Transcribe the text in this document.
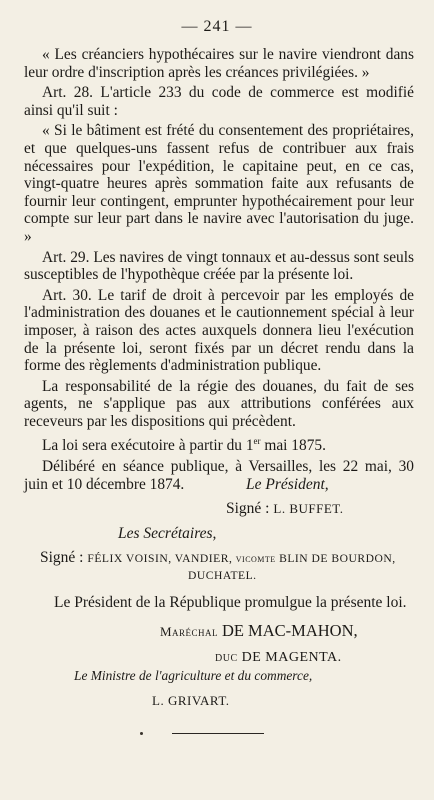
— 241 —

« Les créanciers hypothécaires sur le navire viendront dans leur ordre d'inscription après les créances privilégiées. »

Art. 28. L'article 233 du code de commerce est modifié ainsi qu'il suit :

« Si le bâtiment est frété du consentement des propriétaires, et que quelques-uns fassent refus de contribuer aux frais nécessaires pour l'expédition, le capitaine peut, en ce cas, vingt-quatre heures après sommation faite aux refusants de fournir leur contingent, emprunter hypothécairement pour leur compte sur leur part dans le navire avec l'autorisation du juge. »

Art. 29. Les navires de vingt tonnaux et au-dessus sont seuls susceptibles de l'hypothèque créée par la présente loi.

Art. 30. Le tarif de droit à percevoir par les employés de l'administration des douanes et le cautionnement spécial à leur imposer, à raison des actes auxquels donnera lieu l'exécution de la présente loi, seront fixés par un décret rendu dans la forme des règlements d'administration publique.

La responsabilité de la régie des douanes, du fait de ses agents, ne s'applique pas aux attributions conférées aux receveurs par les dispositions qui précèdent.

La loi sera exécutoire à partir du 1er mai 1875.

Délibéré en séance publique, à Versailles, les 22 mai, 30 juin et 10 décembre 1874.	Le Président,
Signé : L. BUFFET.
Les Secrétaires,
Signé : FÉLIX VOISIN, VANDIER, vicomte BLIN DE BOURDON,
DUCHATEL.
Le Président de la République promulgue la présente loi.
Maréchal DE MAC-MAHON,
duc DE MAGENTA.
Le Ministre de l'agriculture et du commerce,
L. GRIVART.
